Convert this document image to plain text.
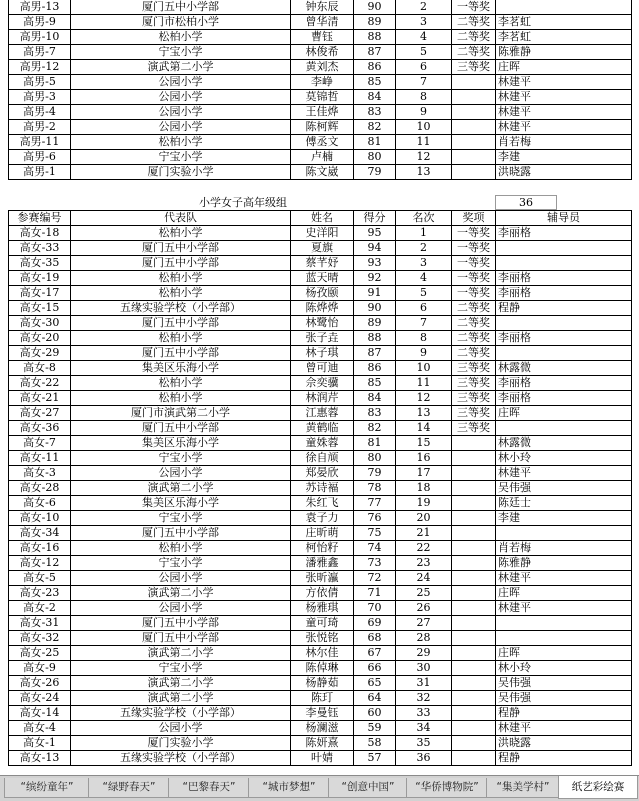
高男-13	厦门五中小学部	钟东辰	90	2	一等奖	
高男-9	厦门市松柏小学	曾华清	89	3	二等奖	李茗虹
高男-10	松柏小学	曹钰	88	4	二等奖	李茗虹
高男-7	宁宝小学	林俊希	87	5	二等奖	陈雅静
高男-12	演武第二小学	黄刘杰	86	6	三等奖	庄晖
高男-5	公园小学	李峥	85	7		林建平
高男-3	公园小学	莫锦哲	84	8		林建平
高男-4	公园小学	王佳烨	83	9		林建平
高男-2	公园小学	陈柯辉	82	10		林建平
高男-11	松柏小学	傅丞文	81	11		肖若梅
高男-6	宁宝小学	卢楠	80	12		李建
高男-1	厦门实验小学	陈文崴	79	13		洪晓露
小学女子高年级组	36
参赛编号	代表队	姓名	得分	名次	奖项	辅导员
高女-18	松柏小学	史洋阳	95	1	一等奖	李丽格
高女-33	厦门五中小学部	夏旗	94	2	一等奖	
高女-35	厦门五中小学部	蔡芊妤	93	3	一等奖	
高女-19	松柏小学	蓝天晴	92	4	一等奖	李丽格
高女-17	松柏小学	杨孜颐	91	5	一等奖	李丽格
高女-15	五缘实验学校（小学部）	陈烨烨	90	6	二等奖	程静
高女-30	厦门五中小学部	林鹭怡	89	7	二等奖	
高女-20	松柏小学	张子垚	88	8	二等奖	李丽格
高女-29	厦门五中小学部	林子琪	87	9	二等奖	
高女-8	集美区乐海小学	曾可迪	86	10	三等奖	林露微
高女-22	松柏小学	佘奕骥	85	11	三等奖	李丽格
高女-21	松柏小学	林润芹	84	12	三等奖	李丽格
高女-27	厦门市演武第二小学	江惠蓉	83	13	三等奖	庄晖
高女-36	厦门五中小学部	黄鹤临	82	14	三等奖	
高女-7	集美区乐海小学	童姝蓉	81	15		林露微
高女-11	宁宝小学	徐自颃	80	16		林小玲
高女-3	公园小学	郑晏欣	79	17		林建平
高女-28	演武第二小学	苏诗褔	78	18		吴伟强
高女-6	集美区乐海小学	朱红飞	77	19		陈廷士
高女-10	宁宝小学	袁子力	76	20		李建
高女-34	厦门五中小学部	庄昕萌	75	21		
高女-16	松柏小学	柯怡籽	74	22		肖若梅
高女-12	宁宝小学	潘雅鑫	73	23		陈雅静
高女-5	公园小学	张昕瀛	72	24		林建平
高女-23	演武第二小学	方依倩	71	25		庄晖
高女-2	公园小学	杨雅琪	70	26		林建平
高女-31	厦门五中小学部	童可琦	69	27		
高女-32	厦门五中小学部	张悦铭	68	28		
高女-25	演武第二小学	林尔佳	67	29		庄晖
高女-9	宁宝小学	陈倬琳	66	30		林小玲
高女-26	演武第二小学	杨静茹	65	31		吴伟强
高女-24	演武第二小学	陈玎	64	32		吴伟强
高女-14	五缘实验学校（小学部）	李曼钰	60	33		程静
高女-4	公园小学	杨澜滋	59	34		林建平
高女-1	厦门实验小学	陈妍熹	58	35		洪晓露
高女-13	五缘实验学校（小学部）	叶婧	57	36		程静
“缤纷童年”	“绿野春天”	“巴黎春天”	“城市梦想”	“创意中国”	“华侨博物院”	“集美学村”	纸艺彩绘赛
